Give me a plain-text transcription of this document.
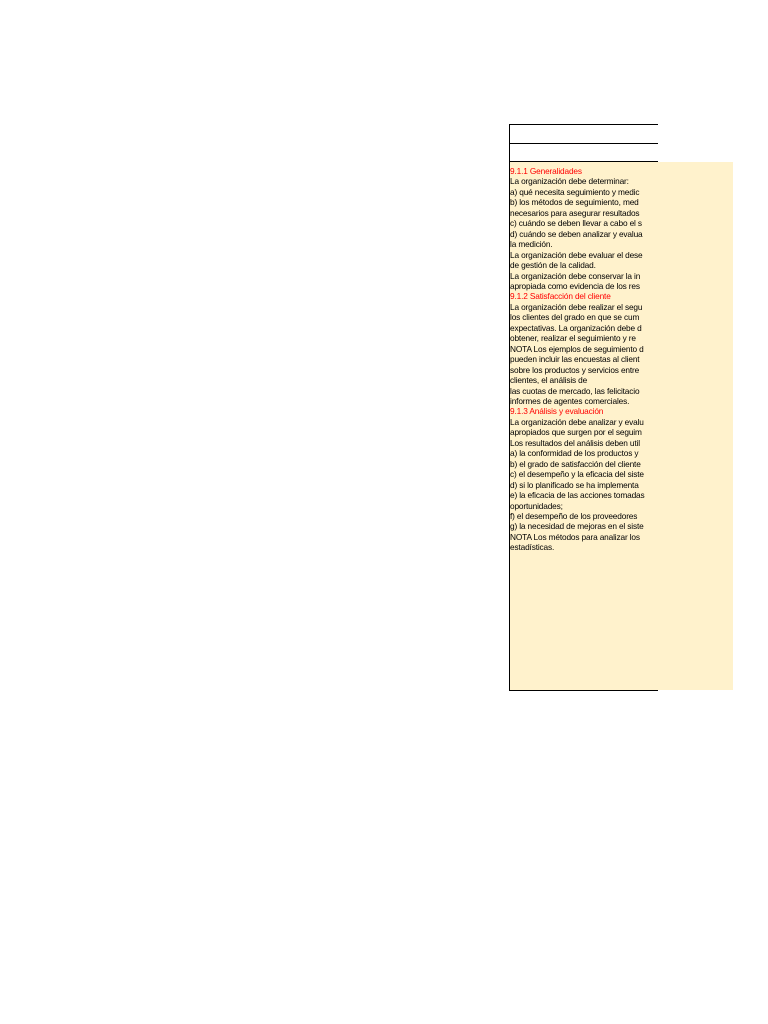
9.1.1 Generalidades
La organización debe determinar:
a) qué necesita seguimiento y medic
b) los métodos de seguimiento, med
necesarios para asegurar resultados
c) cuándo se deben llevar a cabo el s
d) cuándo se deben analizar y evalua
la medición.
La organización debe evaluar el dese
de gestión de la calidad.
La organización debe conservar la in
apropiada como evidencia de los res
9.1.2 Satisfacción del cliente
La organización debe realizar el segu
los clientes del grado en que se cum
expectativas. La organización debe d
obtener, realizar el seguimiento y re
NOTA Los ejemplos de seguimiento d
pueden incluir las encuestas al client
sobre los productos y servicios entre
clientes, el análisis de
las cuotas de mercado, las felicitacio
informes de agentes comerciales.
9.1.3 Análisis y evaluación
La organización debe analizar y evalu
apropiados que surgen por el seguim
Los resultados del análisis deben util
a) la conformidad de los productos y
b) el grado de satisfacción del cliente
c) el desempeño y la eficacia del siste
d) si lo planificado se ha implementa
e) la eficacia de las acciones tomadas
oportunidades;
f) el desempeño de los proveedores
g) la necesidad de mejoras en el siste
NOTA Los métodos para analizar los
estadísticas.
